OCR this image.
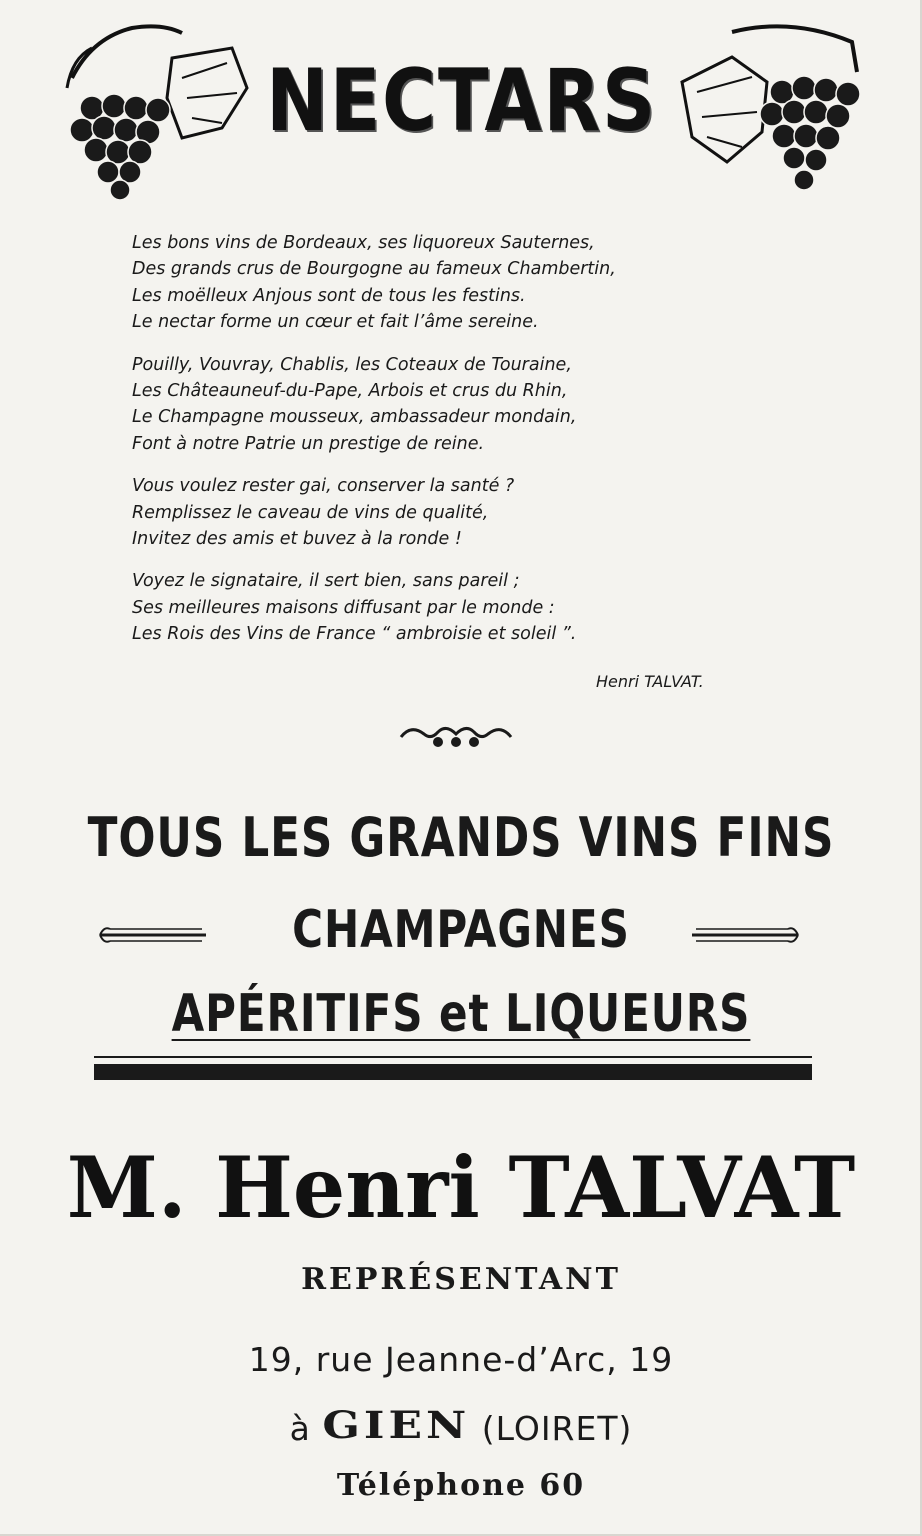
NECTARS
Les bons vins de Bordeaux, ses liquoreux Sauternes,
Des grands crus de Bourgogne au fameux Chambertin,
Les moëlleux Anjous sont de tous les festins.
Le nectar forme un cœur et fait l’âme sereine.
Pouilly, Vouvray, Chablis, les Coteaux de Touraine,
Les Châteauneuf-du-Pape, Arbois et crus du Rhin,
Le Champagne mousseux, ambassadeur mondain,
Font à notre Patrie un prestige de reine.
Vous voulez rester gai, conserver la santé ?
Remplissez le caveau de vins de qualité,
Invitez des amis et buvez à la ronde !
Voyez le signataire, il sert bien, sans pareil ;
Ses meilleures maisons diffusant par le monde :
Les Rois des Vins de France “ ambroisie et soleil ”.
Henri TALVAT.
TOUS LES GRANDS VINS FINS
CHAMPAGNES
APÉRITIFS et LIQUEURS
M. Henri TALVAT
REPRÉSENTANT
19, rue Jeanne-d’Arc, 19
à GIEN (LOIRET)
Téléphone 60
